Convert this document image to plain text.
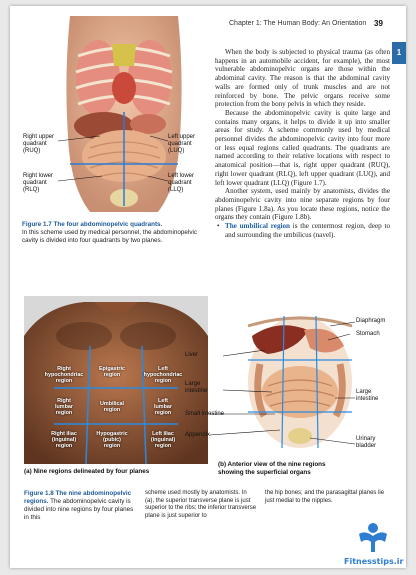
Chapter 1: The Human Body: An Orientation 39
1
Right upper
quadrant
(RUQ)
Left upper
quadrant
(LUQ)
Right lower
quadrant
(RLQ)
Left lower
quadrant
(LLQ)
Figure 1.7 The four abdominopelvic quadrants.
In this scheme used by medical personnel, the abdominopelvic cavity is divided into four quadrants by two planes.

When the body is subjected to physical trauma (as often happens in an automobile accident, for example), the most vulnerable abdominopelvic organs are those within the abdominal cavity. The reason is that the abdominal cavity walls are formed only of trunk muscles and are not reinforced by bone. The pelvic organs receive some protection from the bony pelvis in which they reside.

Because the abdominopelvic cavity is quite large and contains many organs, it helps to divide it up into smaller areas for study. A scheme commonly used by medical personnel divides the abdominopelvic cavity into four more or less equal regions called quadrants. The quadrants are named according to their relative locations with respect to anatomical position—that is, right upper quadrant (RUQ), right lower quadrant (RLQ), left upper quadrant (LUQ), and left lower quadrant (LLQ) (Figure 1.7).

Another system, used mainly by anatomists, divides the abdominopelvic cavity into nine separate regions by four planes (Figure 1.8a). As you locate these regions, notice the organs they contain (Figure 1.8b).

• The umbilical region is the centermost region, deep to and surrounding the umbilicus (navel).

Right
hypochondriac
region
Epigastric
region
Left
hypochondriac
region
Right
lumbar
region
Umbilical
region
Left
lumbar
region
Right iliac
(inguinal)
region
Hypogastric
(pubic)
region
Left iliac
(inguinal)
region
(a) Nine regions delineated by four planes
Liver
Diaphragm
Stomach
Large
intestine	Large
intestine
Small intestine
Appendix
Urinary
bladder
(b) Anterior view of the nine regions
showing the superficial organs
Figure 1.8 The nine abdominopelvic regions. The abdominopelvic cavity is divided into nine regions by four planes in this
scheme used mostly by anatomists. In (a), the superior transverse plane is just superior to the ribs; the inferior transverse plane is just superior to
the hip bones; and the parasagittal planes lie just medial to the nipples.
Fitnesstips.ir
